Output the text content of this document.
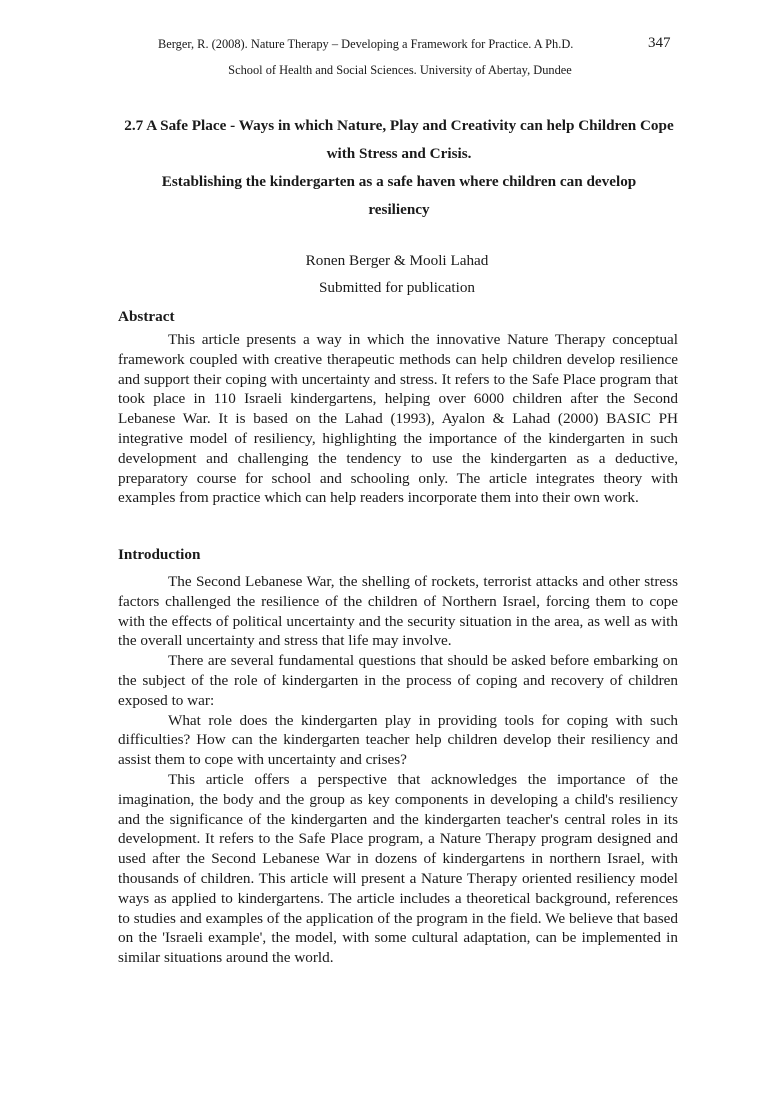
Berger, R. (2008). Nature Therapy – Developing a Framework for Practice. A Ph.D.	347
School of Health and Social Sciences. University of Abertay, Dundee
2.7 A Safe Place - Ways in which Nature, Play and Creativity can help Children Cope with Stress and Crisis.
Establishing the kindergarten as a safe haven where children can develop resiliency
Ronen Berger & Mooli Lahad
Submitted for publication
Abstract

This article presents a way in which the innovative Nature Therapy conceptual framework coupled with creative therapeutic methods can help children develop resilience and support their coping with uncertainty and stress. It refers to the Safe Place program that took place in 110 Israeli kindergartens, helping over 6000 children after the Second Lebanese War. It is based on the Lahad (1993), Ayalon & Lahad (2000) BASIC PH integrative model of resiliency, highlighting the importance of the kindergarten in such development and challenging the tendency to use the kindergarten as a deductive, preparatory course for school and schooling only. The article integrates theory with examples from practice which can help readers incorporate them into their own work.

Introduction

The Second Lebanese War, the shelling of rockets, terrorist attacks and other stress factors challenged the resilience of the children of Northern Israel, forcing them to cope with the effects of political uncertainty and the security situation in the area, as well as with the overall uncertainty and stress that life may involve.

There are several fundamental questions that should be asked before embarking on the subject of the role of kindergarten in the process of coping and recovery of children exposed to war:

What role does the kindergarten play in providing tools for coping with such difficulties? How can the kindergarten teacher help children develop their resiliency and assist them to cope with uncertainty and crises?

This article offers a perspective that acknowledges the importance of the imagination, the body and the group as key components in developing a child's resiliency and the significance of the kindergarten and the kindergarten teacher's central roles in its development. It refers to the Safe Place program, a Nature Therapy program designed and used after the Second Lebanese War in dozens of kindergartens in northern Israel, with thousands of children. This article will present a Nature Therapy oriented resiliency model ways as applied to kindergartens. The article includes a theoretical background, references to studies and examples of the application of the program in the field. We believe that based on the 'Israeli example', the model, with some cultural adaptation, can be implemented in similar situations around the world.
